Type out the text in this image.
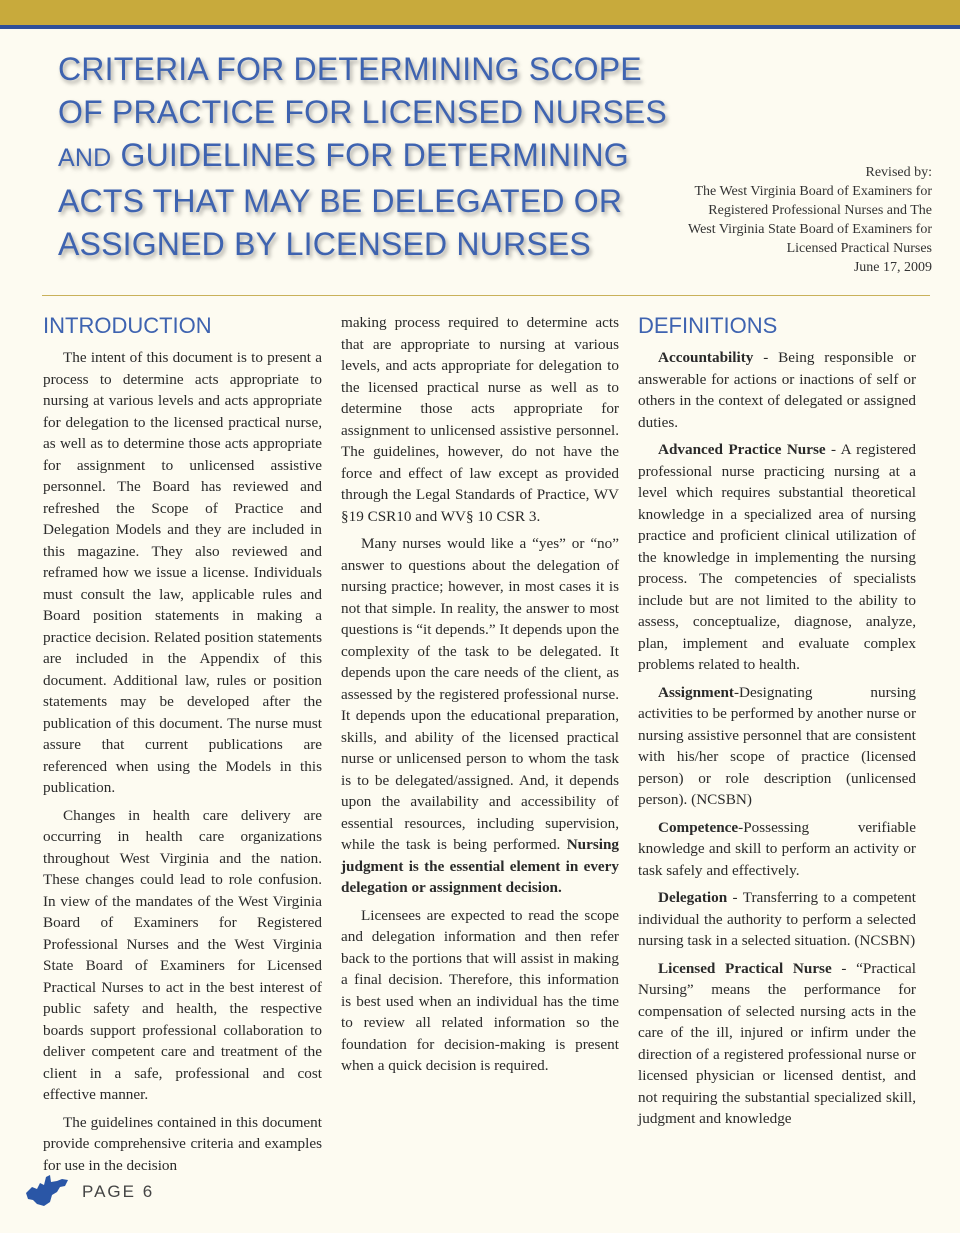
CRITERIA FOR DETERMINING SCOPE
OF PRACTICE FOR LICENSED NURSES
AND GUIDELINES FOR DETERMINING
ACTS THAT MAY BE DELEGATED OR
ASSIGNED BY LICENSED NURSES
Revised by:
The West Virginia Board of Examiners for
Registered Professional Nurses and The
West Virginia State Board of Examiners for
Licensed Practical Nurses
June 17, 2009
INTRODUCTION

The intent of this document is to present a process to determine acts appropriate to nursing at various levels and acts appropriate for delegation to the licensed practical nurse, as well as to determine those acts appropriate for assignment to unlicensed assistive personnel. The Board has reviewed and refreshed the Scope of Practice and Delegation Models and they are included in this magazine. They also reviewed and reframed how we issue a license. Individuals must consult the law, applicable rules and Board position statements in making a practice decision. Related position statements are included in the Appendix of this document. Additional law, rules or position statements may be developed after the publication of this document. The nurse must assure that current publications are referenced when using the Models in this publication.

Changes in health care delivery are occurring in health care organizations throughout West Virginia and the nation. These changes could lead to role confusion. In view of the mandates of the West Virginia Board of Examiners for Registered Professional Nurses and the West Virginia State Board of Examiners for Licensed Practical Nurses to act in the best interest of public safety and health, the respective boards support professional collaboration to deliver competent care and treatment of the client in a safe, professional and cost effective manner.

The guidelines contained in this document provide comprehensive criteria and examples for use in the decision

making process required to determine acts that are appropriate to nursing at various levels, and acts appropriate for delegation to the licensed practical nurse as well as to determine those acts appropriate for assignment to unlicensed assistive personnel. The guidelines, however, do not have the force and effect of law except as provided through the Legal Standards of Practice, WV §19 CSR10 and WV§ 10 CSR 3.

Many nurses would like a “yes” or “no” answer to questions about the delegation of nursing practice; however, in most cases it is not that simple. In reality, the answer to most questions is “it depends.” It depends upon the complexity of the task to be delegated. It depends upon the care needs of the client, as assessed by the registered professional nurse. It depends upon the educational preparation, skills, and ability of the licensed practical nurse or unlicensed person to whom the task is to be delegated/assigned. And, it depends upon the availability and accessibility of essential resources, including supervision, while the task is being performed. Nursing judgment is the essential element in every delegation or assignment decision.

Licensees are expected to read the scope and delegation information and then refer back to the portions that will assist in making a final decision. Therefore, this information is best used when an individual has the time to review all related information so the foundation for decision-making is present when a quick decision is required.

DEFINITIONS

Accountability - Being responsible or answerable for actions or inactions of self or others in the context of delegated or assigned duties.

Advanced Practice Nurse - A registered professional nurse practicing nursing at a level which requires substantial theoretical knowledge in a specialized area of nursing practice and proficient clinical utilization of the knowledge in implementing the nursing process. The competencies of specialists include but are not limited to the ability to assess, conceptualize, diagnose, analyze, plan, implement and evaluate complex problems related to health.

Assignment-Designating nursing activities to be performed by another nurse or nursing assistive personnel that are consistent with his/her scope of practice (licensed person) or role description (unlicensed person). (NCSBN)

Competence-Possessing verifiable knowledge and skill to perform an activity or task safely and effectively.

Delegation - Transferring to a competent individual the authority to perform a selected nursing task in a selected situation. (NCSBN)

Licensed Practical Nurse - “Practical Nursing” means the performance for compensation of selected nursing acts in the care of the ill, injured or infirm under the direction of a registered professional nurse or licensed physician or licensed dentist, and not requiring the substantial specialized skill, judgment and knowledge

PAGE 6
